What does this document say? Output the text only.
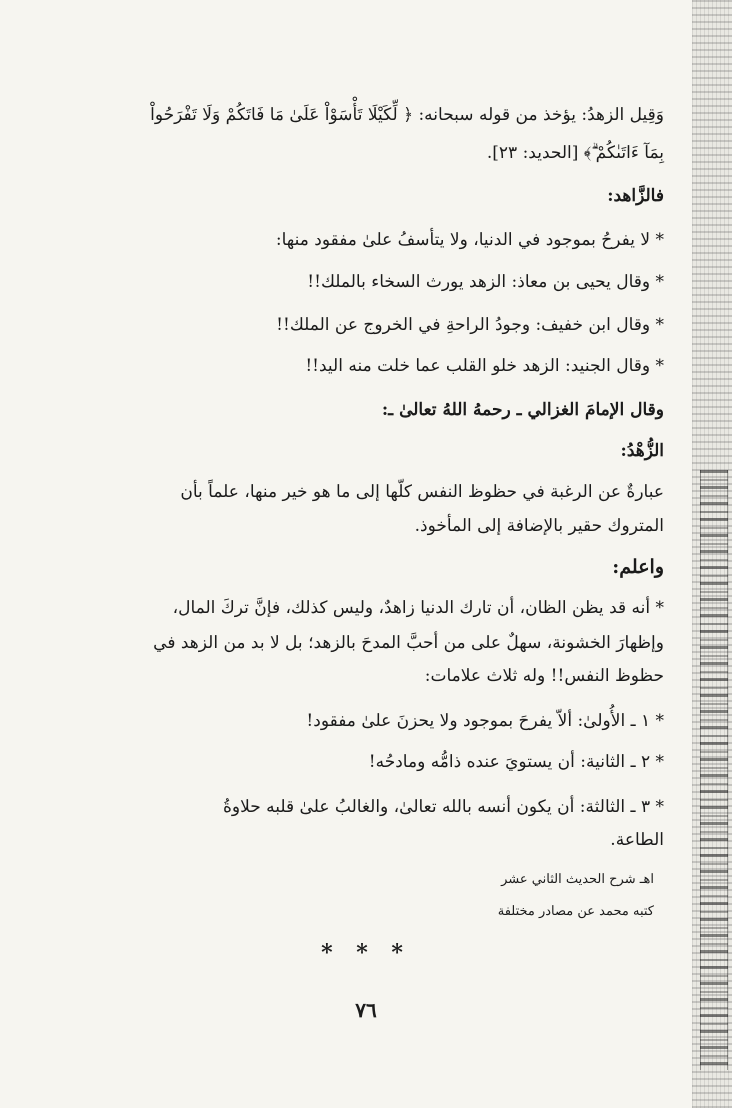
وَقِيل الزهدُ: يؤخذ من قوله سبحانه: ﴿ لِّكَيْلَا تَأْسَوْاْ عَلَىٰ مَا فَاتَكُمْ وَلَا تَفْرَحُواْ
بِمَآ ءَاتَىٰكُمْ ۗ﴾ [الحديد: ٢٣].
فالزَّاهد:
* لا يفرحُ بموجود في الدنيا، ولا يتأسفُ علىٰ مفقود منها:
* وقال يحيى بن معاذ: الزهد يورث السخاء بالملك!!
* وقال ابن خفيف: وجودُ الراحةِ في الخروج عن الملك!!
* وقال الجنيد: الزهد خلو القلب عما خلت منه اليد!!
وقال الإمامَ الغزالي ـ رحمهُ اللهُ تعالىٰ ـ:
الزُّهْدُ:
عبارةٌ عن الرغبة في حظوظ النفس كلّها إلى ما هو خير منها، علماً بأن
المتروك حقير بالإضافة إلى المأخوذ.
واعلم:
* أنه قد يظن الظان، أن تارك الدنيا زاهدٌ، وليس كذلك، فإنَّ تركَ المال،
وإظهارَ الخشونة، سهلٌ على من أحبَّ المدحَ بالزهد؛ بل لا بد من الزهد في
حظوظ النفس!! وله ثلاث علامات:
* ١ ـ الأُولىٰ: ألاّ يفرحَ بموجود ولا يحزنَ علىٰ مفقود!
* ٢ ـ الثانية: أن يستويَ عنده ذامُّه ومادحُه!
* ٣ ـ الثالثة: أن يكون أنسه بالله تعالىٰ، والغالبُ علىٰ قلبه حلاوةُ
الطاعة.
اهـ شرح الحديث الثاني عشر
كتبه محمد عن مصادر مختلفة
* * *
٧٦
